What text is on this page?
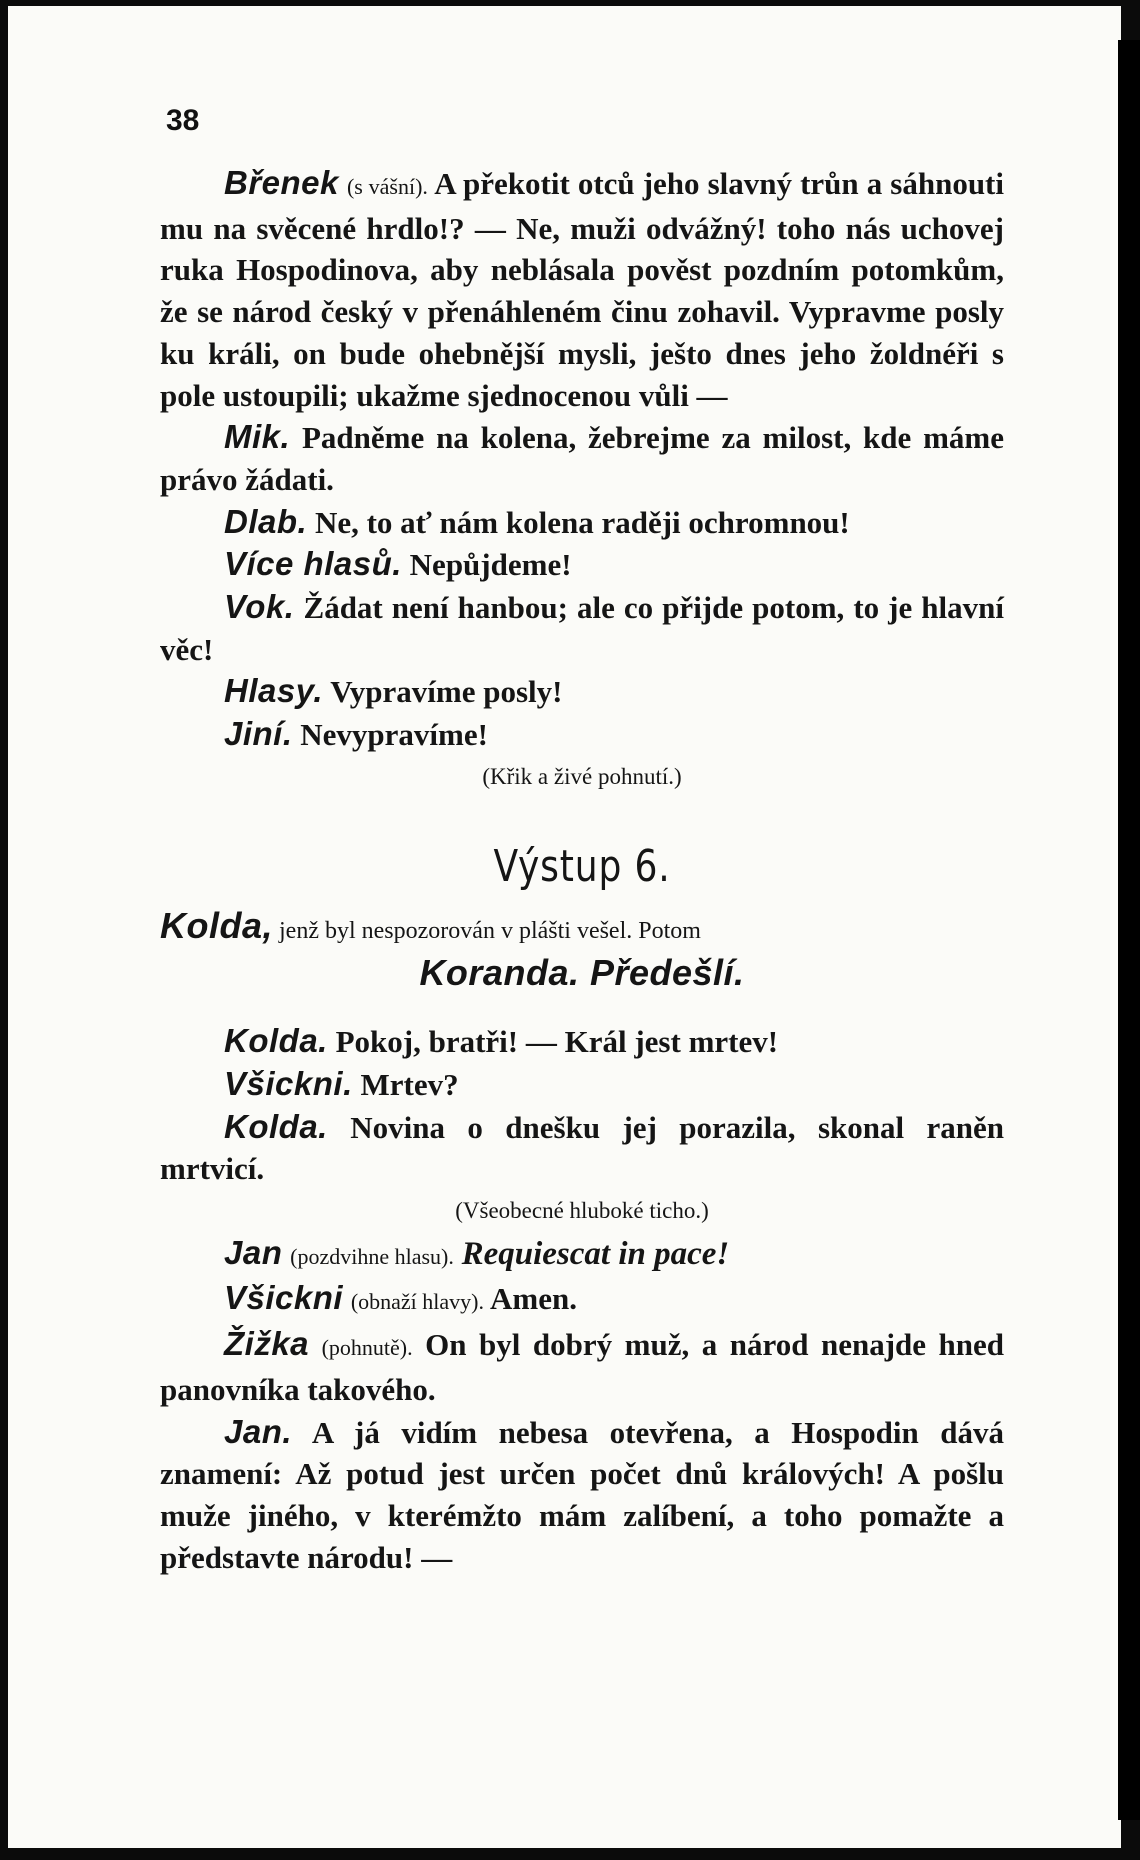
38

Břenek (s vášní). A překotit otců jeho slavný trůn a sáhnouti mu na svěcené hrdlo!? — Ne, muži odvážný! toho nás uchovej ruka Hospodinova, aby neblásala pověst pozdním potomkům, že se národ český v přenáhleném činu zohavil. Vypravme posly ku králi, on bude ohebnější mysli, ješto dnes jeho žoldnéři s pole ustoupili; ukažme sjednocenou vůli —

Mik. Padněme na kolena, žebrejme za milost, kde máme právo žádati.

Dlab. Ne, to ať nám kolena raději ochromnou!

Více hlasů. Nepůjdeme!

Vok. Žádat není hanbou; ale co přijde potom, to je hlavní věc!

Hlasy. Vypravíme posly!

Jiní. Nevypravíme!

(Křik a živé pohnutí.)

Výstup 6.

Kolda, jenž byl nespozorován v plášti vešel. Potom
Koranda. Předešlí.

Kolda. Pokoj, bratři! — Král jest mrtev!

Všickni. Mrtev?

Kolda. Novina o dnešku jej porazila, skonal raněn mrtvicí.

(Všeobecné hluboké ticho.)

Jan (pozdvihne hlasu). Requiescat in pace!

Všickni (obnaží hlavy). Amen.

Žižka (pohnutě). On byl dobrý muž, a národ nenajde hned panovníka takového.

Jan. A já vidím nebesa otevřena, a Hospodin dává znamení: Až potud jest určen počet dnů králových! A pošlu muže jiného, v kterémžto mám zalíbení, a toho pomažte a představte národu! —
